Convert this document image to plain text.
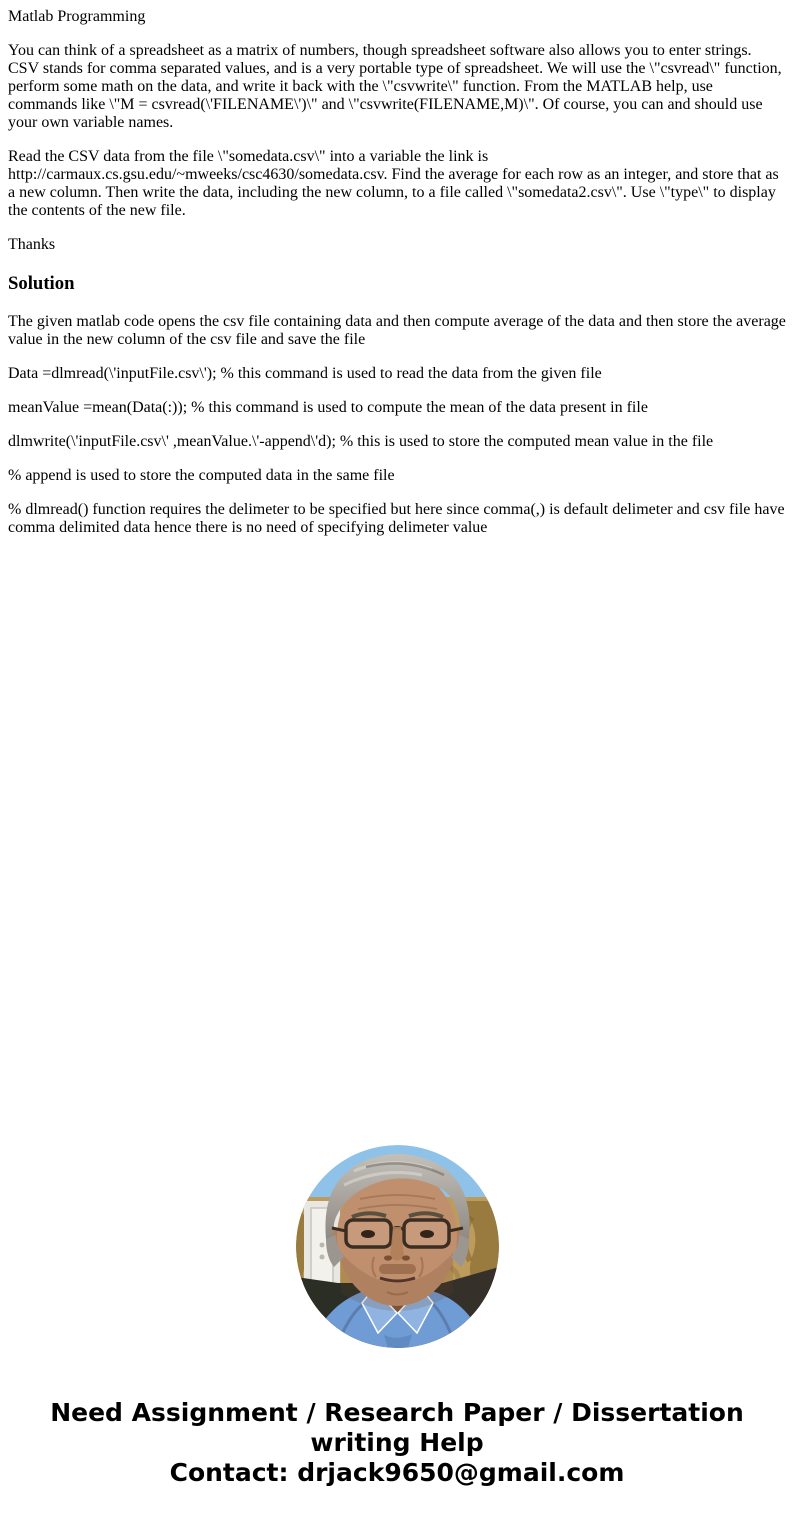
Matlab Programming

You can think of a spreadsheet as a matrix of numbers, though spreadsheet software also allows you to enter strings. CSV stands for comma separated values, and is a very portable type of spreadsheet. We will use the \"csvread\" function, perform some math on the data, and write it back with the \"csvwrite\" function. From the MATLAB help, use commands like \"M = csvread(\'FILENAME\')\" and \"csvwrite(FILENAME,M)\". Of course, you can and should use your own variable names.

Read the CSV data from the file \"somedata.csv\" into a variable the link is http://carmaux.cs.gsu.edu/~mweeks/csc4630/somedata.csv. Find the average for each row as an integer, and store that as a new column. Then write the data, including the new column, to a file called \"somedata2.csv\". Use \"type\" to display the contents of the new file.

Thanks

Solution

The given matlab code opens the csv file containing data and then compute average of the data and then store the average value in the new column of the csv file and save the file

Data =dlmread(\'inputFile.csv\'); % this command is used to read the data from the given file

meanValue =mean(Data(:)); % this command is used to compute the mean of the data present in file

dlmwrite(\'inputFile.csv\' ,meanValue.\'-append\'d); % this is used to store the computed mean value in the file

% append is used to store the computed data in the same file

% dlmread() function requires the delimeter to be specified but here since comma(,) is default delimeter and csv file have comma delimited data hence there is no need of specifying delimeter value

Need Assignment / Research Paper / Dissertation writing Help
Contact: drjack9650@gmail.com
